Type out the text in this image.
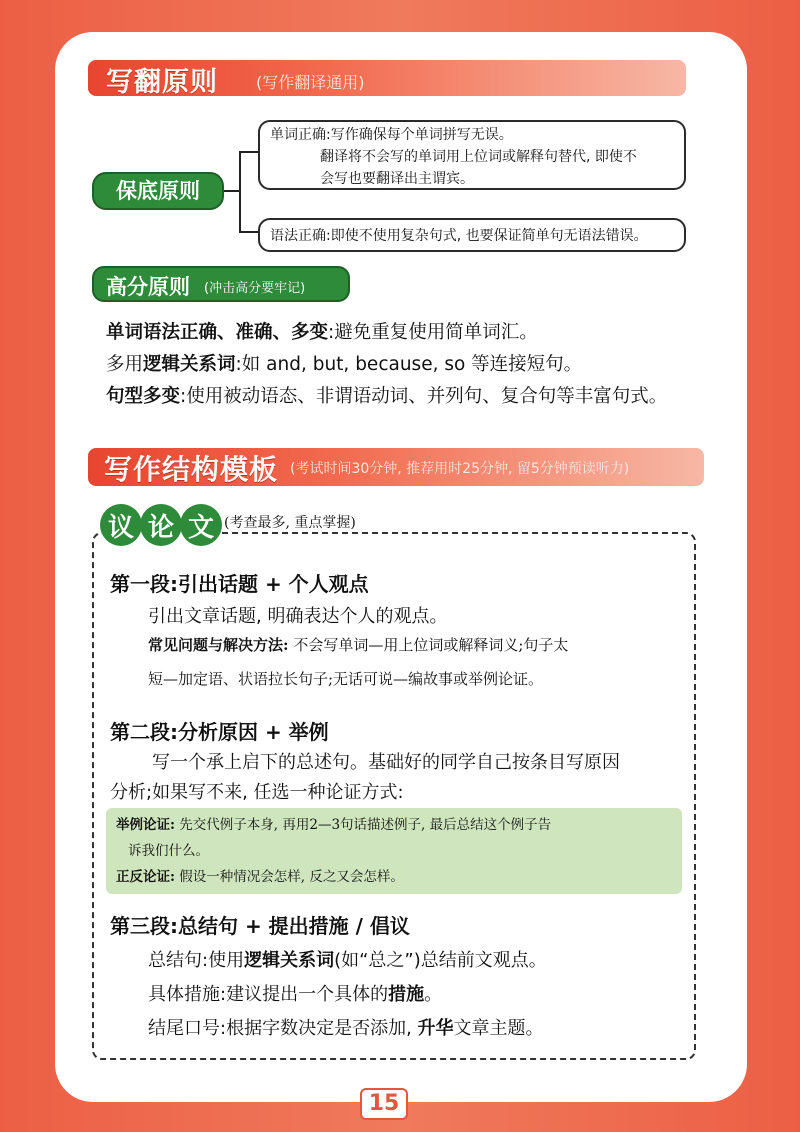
写翻原则 (写作翻译通用)
保底原则
单词正确:写作确保每个单词拼写无误。
翻译将不会写的单词用上位词或解释句替代, 即使不
会写也要翻译出主谓宾。
语法正确:即使不使用复杂句式, 也要保证简单句无语法错误。
高分原则 (冲击高分要牢记)
单词语法正确、准确、多变:避免重复使用简单词汇。
多用逻辑关系词:如 and, but, because, so 等连接短句。
句型多变:使用被动语态、非谓语动词、并列句、复合句等丰富句式。
写作结构模板 (考试时间30分钟, 推荐用时25分钟, 留5分钟预读听力)
议 论 文 (考查最多, 重点掌握)
第一段:引出话题 + 个人观点
引出文章话题, 明确表达个人的观点。
常见问题与解决方法: 不会写单词—用上位词或解释词义;句子太
短—加定语、状语拉长句子;无话可说—编故事或举例论证。
第二段:分析原因 + 举例
写一个承上启下的总述句。基础好的同学自己按条目写原因
分析;如果写不来, 任选一种论证方式:
举例论证: 先交代例子本身, 再用2—3句话描述例子, 最后总结这个例子告
诉我们什么。
正反论证: 假设一种情况会怎样, 反之又会怎样。
第三段:总结句 + 提出措施 / 倡议
总结句:使用逻辑关系词(如“总之”)总结前文观点。
具体措施:建议提出一个具体的措施。
结尾口号:根据字数决定是否添加, 升华文章主题。
15
